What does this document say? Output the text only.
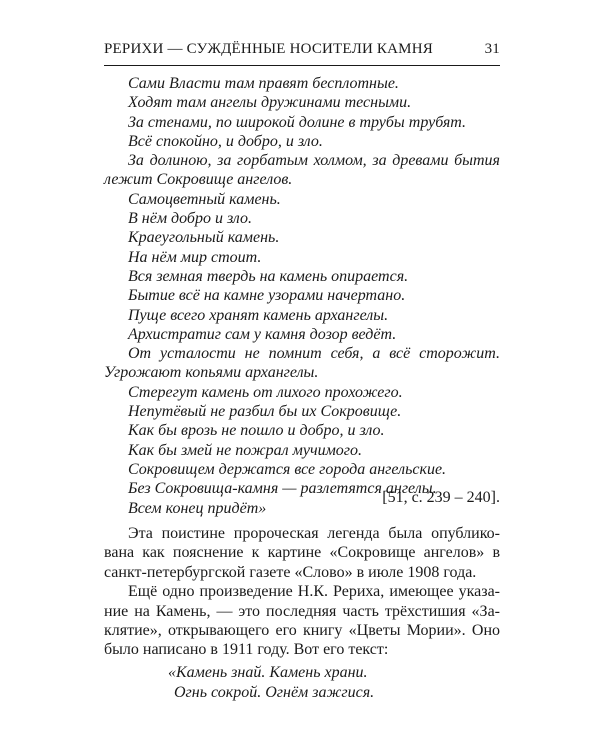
РЕРИХИ — СУЖДЁННЫЕ НОСИТЕЛИ КАМНЯ	31
Сами Власти там правят бесплотные.
Ходят там ангелы дружинами тесными.
За стенами, по широкой долине в трубы трубят.
Всё спокойно, и добро, и зло.
За долиною, за горбатым холмом, за древами бытия
лежит Сокровище ангелов.
Самоцветный камень.
В нём добро и зло.
Краеугольный камень.
На нём мир стоит.
Вся земная твердь на камень опирается.
Бытие всё на камне узорами начертано.
Пуще всего хранят камень архангелы.
Архистратиг сам у камня дозор ведёт.
От усталости не помнит себя, а всё сторожит.
Угрожают копьями архангелы.
Стерегут камень от лихого прохожего.
Непутёвый не разбил бы их Сокровище.
Как бы врозь не пошло и добро, и зло.
Как бы змей не пожрал мучимого.
Сокровищем держатся все города ангельские.
Без Сокровища-камня — разлетятся ангелы.
Всем конец придёт»
[51, с. 239 – 240].
Эта поистине пророческая легенда была опублико-
вана как пояснение к картине «Сокровище ангелов» в
санкт-петербургской газете «Слово» в июле 1908 года.
Ещё одно произведение Н.К. Рериха, имеющее указа-
ние на Камень, — это последняя часть трёхстишия «За-
клятие», открывающего его книгу «Цветы Мории». Оно
было написано в 1911 году. Вот его текст:
«Камень знай. Камень храни.
Огнь сокрой. Огнём зажгися.
